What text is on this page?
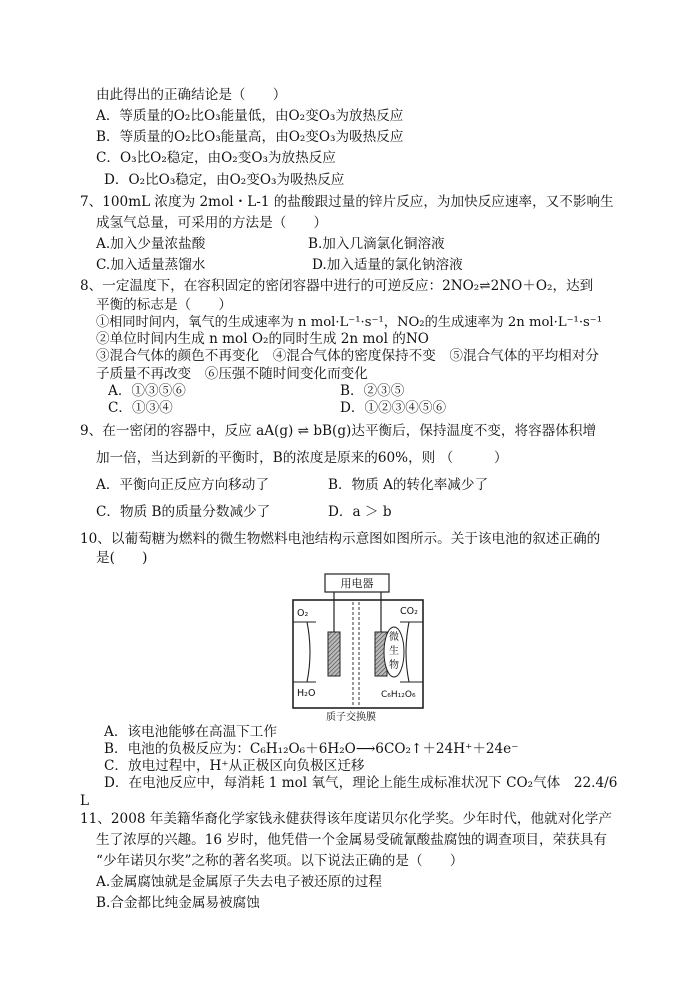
由此得出的正确结论是（　　）
A．等质量的O₂比O₃能量低，由O₂变O₃为放热反应
B．等质量的O₂比O₃能量高，由O₂变O₃为吸热反应
C．O₃比O₂稳定，由O₂变O₃为放热反应
D．O₂比O₃稳定，由O₂变O₃为吸热反应
7、100mL 浓度为 2mol・L-1 的盐酸跟过量的锌片反应，为加快反应速率，又不影响生
成氢气总量，可采用的方法是（　　）
A.加入少量浓盐酸	B.加入几滴氯化铜溶液
C.加入适量蒸馏水	D.加入适量的氯化钠溶液
8、一定温度下，在容积固定的密闭容器中进行的可逆反应：2NO₂⇌2NO＋O₂，达到
平衡的标志是（　　）
①相同时间内，氧气的生成速率为 n mol·L⁻¹·s⁻¹，NO₂的生成速率为 2n mol·L⁻¹·s⁻¹
②单位时间内生成 n mol O₂的同时生成 2n mol 的NO
③混合气体的颜色不再变化　④混合气体的密度保持不变　⑤混合气体的平均相对分
子质量不再改变　⑥压强不随时间变化而变化
A．①③⑤⑥	B．②③⑤
C．①③④	D．①②③④⑤⑥
9、在一密闭的容器中，反应 aA(g) ⇌ bB(g)达平衡后，保持温度不变，将容器体积增
加一倍，当达到新的平衡时，B的浓度是原来的60%，则 （　　　）
A．平衡向正反应方向移动了	B．物质 A的转化率减少了
C．物质 B的质量分数减少了	D．a ＞ b
10、以葡萄糖为燃料的微生物燃料电池结构示意图如图所示。关于该电池的叙述正确的
是(　　)
用电器
微
生
物
O₂	CO₂
H₂O	C₆H₁₂O₆
质子交换膜
A．该电池能够在高温下工作
B．电池的负极反应为：C₆H₁₂O₆＋6H₂O⟶6CO₂↑＋24H⁺＋24e⁻
C．放电过程中，H⁺从正极区向负极区迁移
D．在电池反应中，每消耗 1 mol 氧气，理论上能生成标准状况下 CO₂气体　22.4/6
L
11、2008 年美籍华裔化学家钱永健获得该年度诺贝尔化学奖。少年时代，他就对化学产
生了浓厚的兴趣。16 岁时，他凭借一个金属易受硫氰酸盐腐蚀的调查项目，荣获具有
“少年诺贝尔奖”之称的著名奖项。以下说法正确的是（　　）
A.金属腐蚀就是金属原子失去电子被还原的过程
B.合金都比纯金属易被腐蚀
